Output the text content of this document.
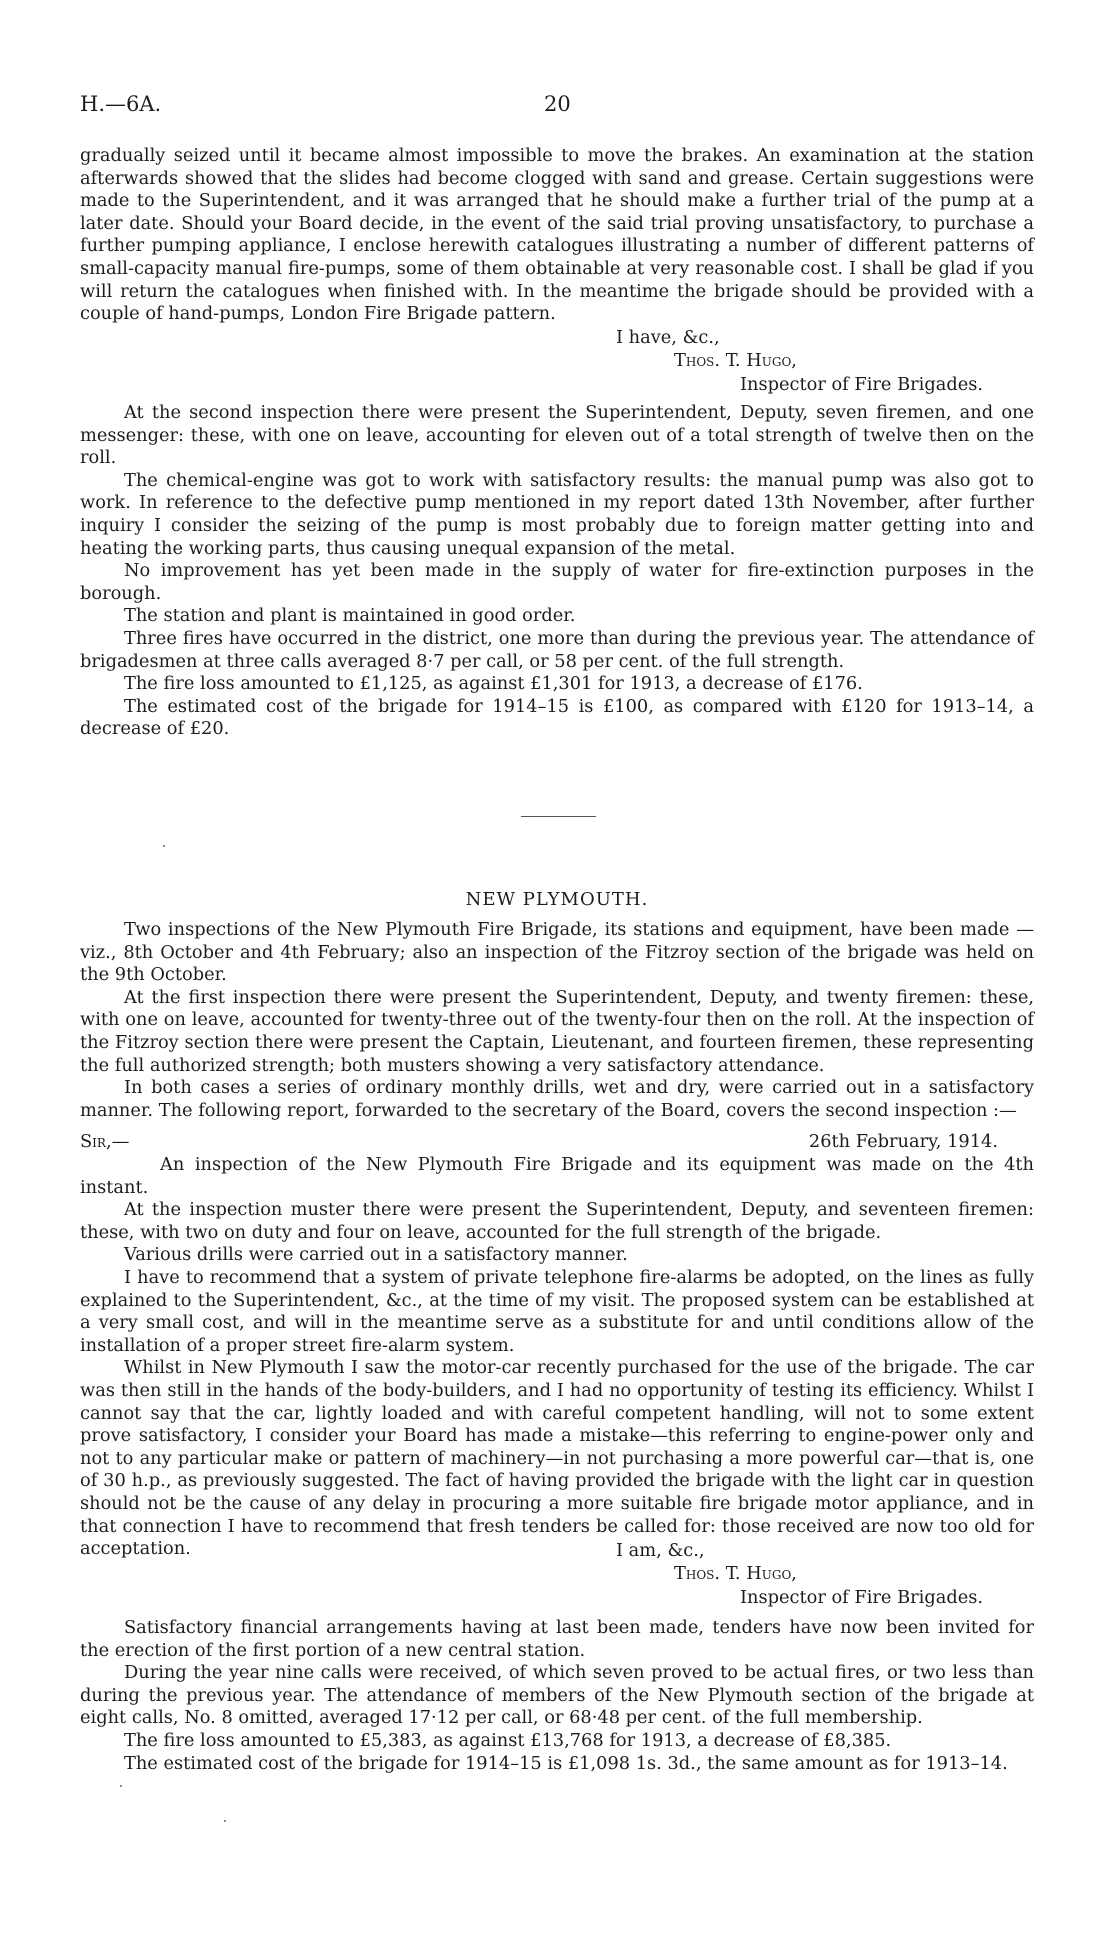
H.—6A.	20

gradually seized until it became almost impossible to move the brakes. An examination at the station afterwards showed that the slides had become clogged with sand and grease. Certain suggestions were made to the Superintendent, and it was arranged that he should make a further trial of the pump at a later date. Should your Board decide, in the event of the said trial proving unsatisfactory, to purchase a further pumping appliance, I enclose herewith catalogues illustrating a number of different patterns of small-capacity manual fire-pumps, some of them obtainable at very reasonable cost. I shall be glad if you will return the catalogues when finished with. In the meantime the brigade should be provided with a couple of hand-pumps, London Fire Brigade pattern.

I have, &c.,
Thos. T. Hugo,
Inspector of Fire Brigades.

At the second inspection there were present the Superintendent, Deputy, seven firemen, and one messenger: these, with one on leave, accounting for eleven out of a total strength of twelve then on the roll.

The chemical-engine was got to work with satisfactory results: the manual pump was also got to work. In reference to the defective pump mentioned in my report dated 13th November, after further inquiry I consider the seizing of the pump is most probably due to foreign matter getting into and heating the working parts, thus causing unequal expansion of the metal.

No improvement has yet been made in the supply of water for fire-extinction purposes in the borough.

The station and plant is maintained in good order.

Three fires have occurred in the district, one more than during the previous year. The attendance of brigadesmen at three calls averaged 8·7 per call, or 58 per cent. of the full strength.

The fire loss amounted to £1,125, as against £1,301 for 1913, a decrease of £176.

The estimated cost of the brigade for 1914–15 is £100, as compared with £120 for 1913–14, a decrease of £20.

NEW PLYMOUTH.

Two inspections of the New Plymouth Fire Brigade, its stations and equipment, have been made —viz., 8th October and 4th February; also an inspection of the Fitzroy section of the brigade was held on the 9th October.

At the first inspection there were present the Superintendent, Deputy, and twenty firemen: these, with one on leave, accounted for twenty-three out of the twenty-four then on the roll. At the inspection of the Fitzroy section there were present the Captain, Lieutenant, and fourteen firemen, these representing the full authorized strength; both musters showing a very satisfactory attendance.

In both cases a series of ordinary monthly drills, wet and dry, were carried out in a satisfactory manner. The following report, forwarded to the secretary of the Board, covers the second inspection :—

Sir,—	26th February, 1914.

An inspection of the New Plymouth Fire Brigade and its equipment was made on the 4th instant.

At the inspection muster there were present the Superintendent, Deputy, and seventeen firemen: these, with two on duty and four on leave, accounted for the full strength of the brigade.

Various drills were carried out in a satisfactory manner.

I have to recommend that a system of private telephone fire-alarms be adopted, on the lines as fully explained to the Superintendent, &c., at the time of my visit. The proposed system can be established at a very small cost, and will in the meantime serve as a substitute for and until conditions allow of the installation of a proper street fire-alarm system.

Whilst in New Plymouth I saw the motor-car recently purchased for the use of the brigade. The car was then still in the hands of the body-builders, and I had no opportunity of testing its efficiency. Whilst I cannot say that the car, lightly loaded and with careful competent handling, will not to some extent prove satisfactory, I consider your Board has made a mistake—this referring to engine-power only and not to any particular make or pattern of machinery—in not purchasing a more powerful car—that is, one of 30 h.p., as previously suggested. The fact of having provided the brigade with the light car in question should not be the cause of any delay in procuring a more suitable fire brigade motor appliance, and in that connection I have to recommend that fresh tenders be called for: those received are now too old for acceptation.	I am, &c.,
Thos. T. Hugo,
Inspector of Fire Brigades.

Satisfactory financial arrangements having at last been made, tenders have now been invited for the erection of the first portion of a new central station.

During the year nine calls were received, of which seven proved to be actual fires, or two less than during the previous year. The attendance of members of the New Plymouth section of the brigade at eight calls, No. 8 omitted, averaged 17·12 per call, or 68·48 per cent. of the full membership.

The fire loss amounted to £5,383, as against £13,768 for 1913, a decrease of £8,385.

The estimated cost of the brigade for 1914–15 is £1,098 1s. 3d., the same amount as for 1913–14.
